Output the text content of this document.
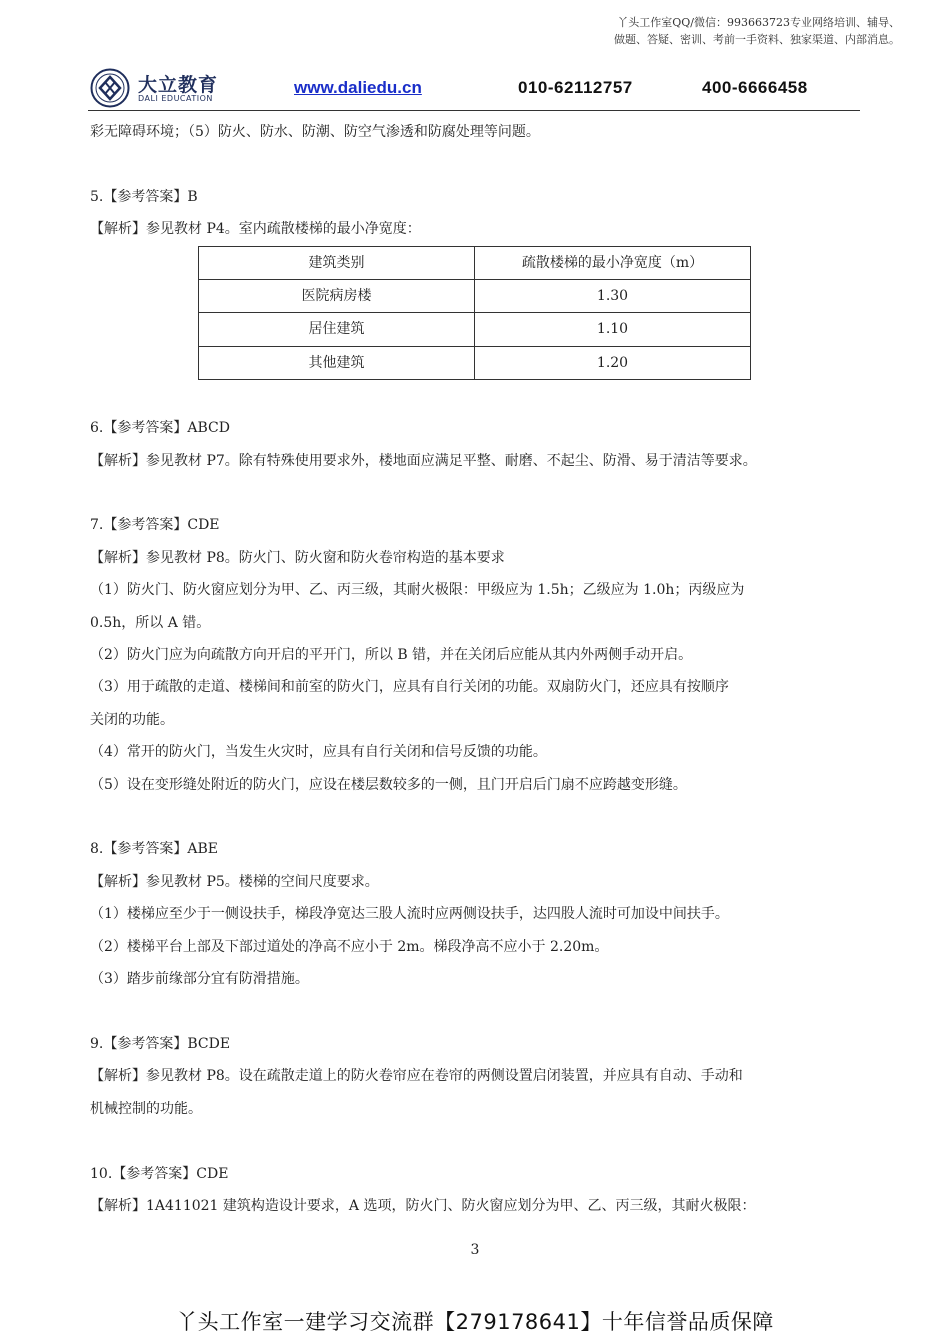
丫头工作室QQ/微信：993663723专业网络培训、辅导、
做题、答疑、密训、考前一手资料、独家渠道、内部消息。
大立教育
DALI EDUCATION
www.daliedu.cn	010-62112757	400-6666458

彩无障碍环境；（5）防火、防水、防潮、防空气渗透和防腐处理等问题。

5.【参考答案】B

【解析】参见教材 P4。室内疏散楼梯的最小净宽度：

建筑类别	疏散楼梯的最小净宽度（m）
医院病房楼	1.30
居住建筑	1.10
其他建筑	1.20

6.【参考答案】ABCD

【解析】参见教材 P7。除有特殊使用要求外，楼地面应满足平整、耐磨、不起尘、防滑、易于清洁等要求。

7.【参考答案】CDE

【解析】参见教材 P8。防火门、防火窗和防火卷帘构造的基本要求

（1）防火门、防火窗应划分为甲、乙、丙三级，其耐火极限：甲级应为 1.5h；乙级应为 1.0h；丙级应为

0.5h，所以 A 错。

（2）防火门应为向疏散方向开启的平开门，所以 B 错，并在关闭后应能从其内外两侧手动开启。

（3）用于疏散的走道、楼梯间和前室的防火门，应具有自行关闭的功能。双扇防火门，还应具有按顺序

关闭的功能。

（4）常开的防火门，当发生火灾时，应具有自行关闭和信号反馈的功能。

（5）设在变形缝处附近的防火门，应设在楼层数较多的一侧，且门开启后门扇不应跨越变形缝。

8.【参考答案】ABE

【解析】参见教材 P5。楼梯的空间尺度要求。

（1）楼梯应至少于一侧设扶手，梯段净宽达三股人流时应两侧设扶手，达四股人流时可加设中间扶手。

（2）楼梯平台上部及下部过道处的净高不应小于 2m。梯段净高不应小于 2.20m。

（3）踏步前缘部分宜有防滑措施。

9.【参考答案】BCDE

【解析】参见教材 P8。设在疏散走道上的防火卷帘应在卷帘的两侧设置启闭装置，并应具有自动、手动和

机械控制的功能。

10.【参考答案】CDE

【解析】1A411021 建筑构造设计要求，A 选项，防火门、防火窗应划分为甲、乙、丙三级，其耐火极限：

3
丫头工作室一建学习交流群【279178641】十年信誉品质保障
